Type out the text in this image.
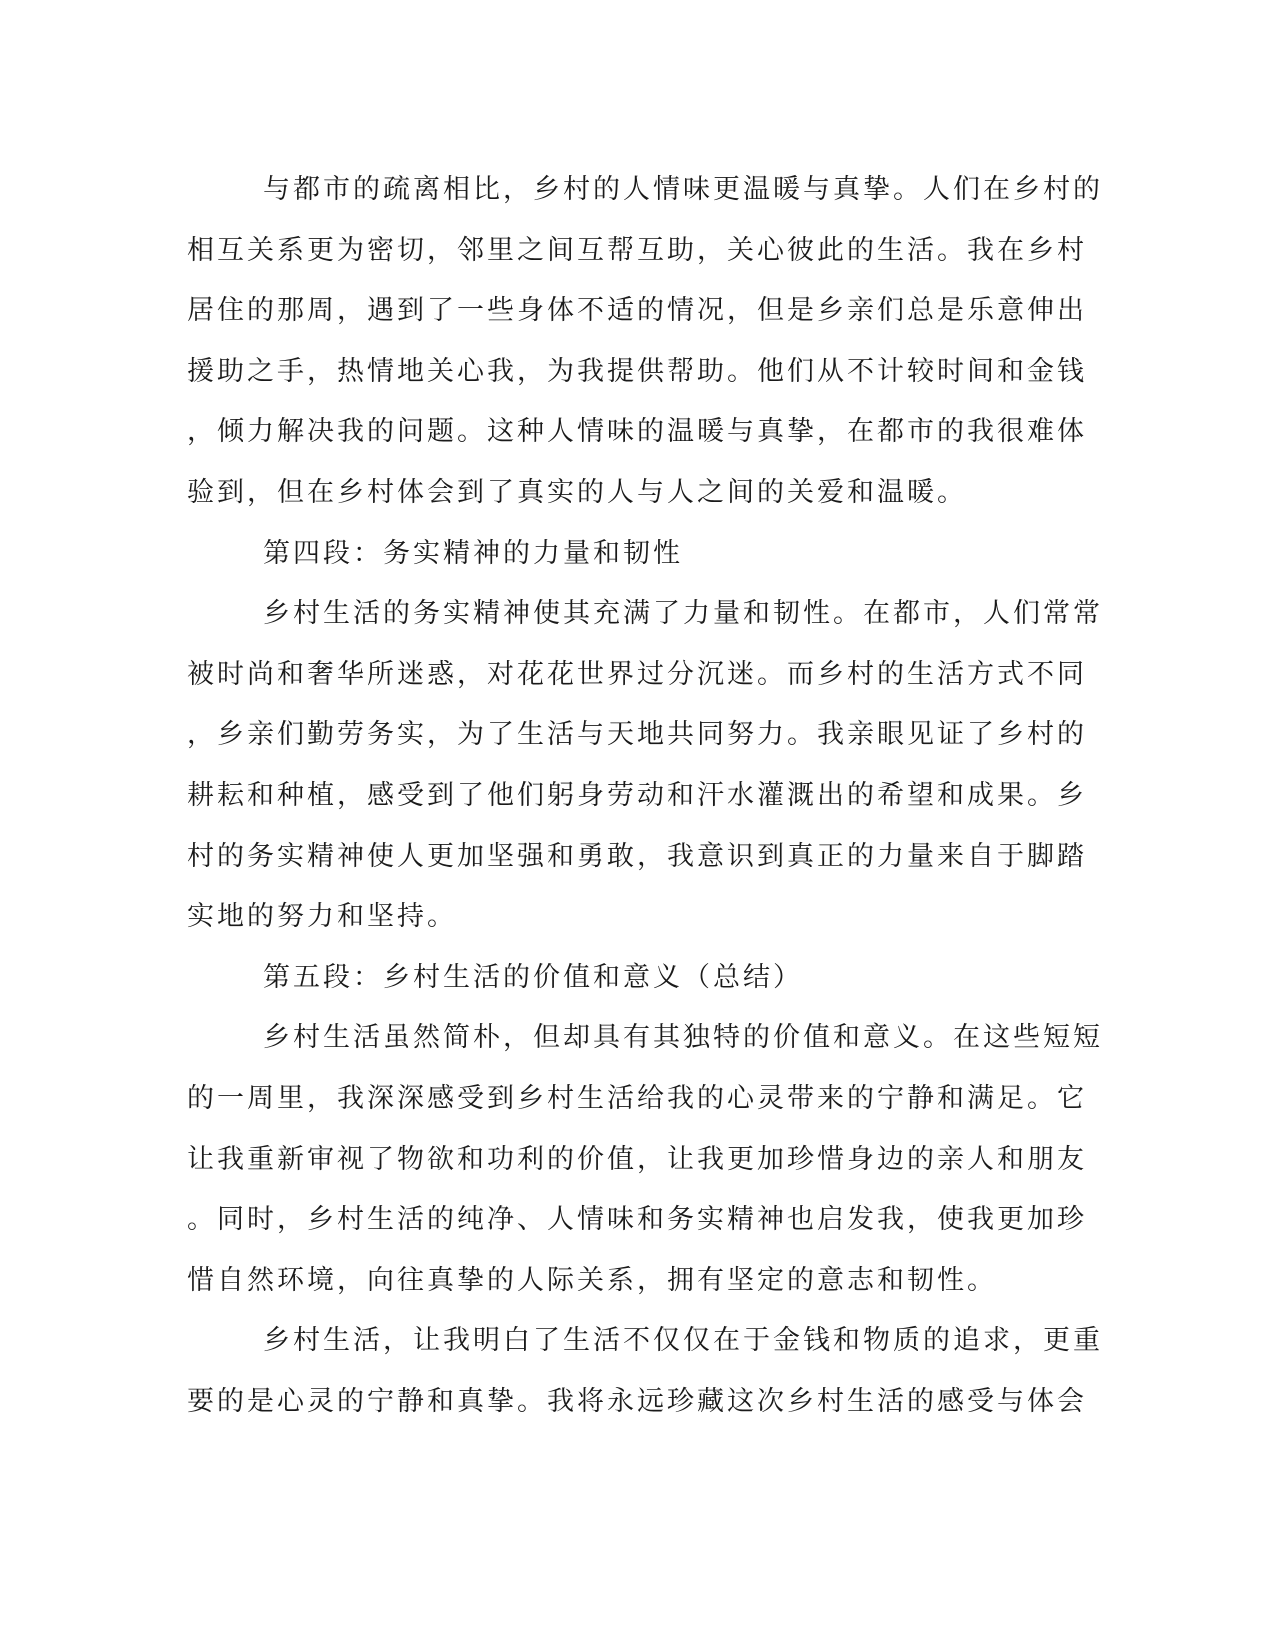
与都市的疏离相比，乡村的人情味更温暖与真挚。人们在乡村的
相互关系更为密切，邻里之间互帮互助，关心彼此的生活。我在乡村
居住的那周，遇到了一些身体不适的情况，但是乡亲们总是乐意伸出
援助之手，热情地关心我，为我提供帮助。他们从不计较时间和金钱
，倾力解决我的问题。这种人情味的温暖与真挚，在都市的我很难体
验到，但在乡村体会到了真实的人与人之间的关爱和温暖。
第四段：务实精神的力量和韧性
乡村生活的务实精神使其充满了力量和韧性。在都市，人们常常
被时尚和奢华所迷惑，对花花世界过分沉迷。而乡村的生活方式不同
，乡亲们勤劳务实，为了生活与天地共同努力。我亲眼见证了乡村的
耕耘和种植，感受到了他们躬身劳动和汗水灌溉出的希望和成果。乡
村的务实精神使人更加坚强和勇敢，我意识到真正的力量来自于脚踏
实地的努力和坚持。
第五段：乡村生活的价值和意义（总结）
乡村生活虽然简朴，但却具有其独特的价值和意义。在这些短短
的一周里，我深深感受到乡村生活给我的心灵带来的宁静和满足。它
让我重新审视了物欲和功利的价值，让我更加珍惜身边的亲人和朋友
。同时，乡村生活的纯净、人情味和务实精神也启发我，使我更加珍
惜自然环境，向往真挚的人际关系，拥有坚定的意志和韧性。
乡村生活，让我明白了生活不仅仅在于金钱和物质的追求，更重
要的是心灵的宁静和真挚。我将永远珍藏这次乡村生活的感受与体会
